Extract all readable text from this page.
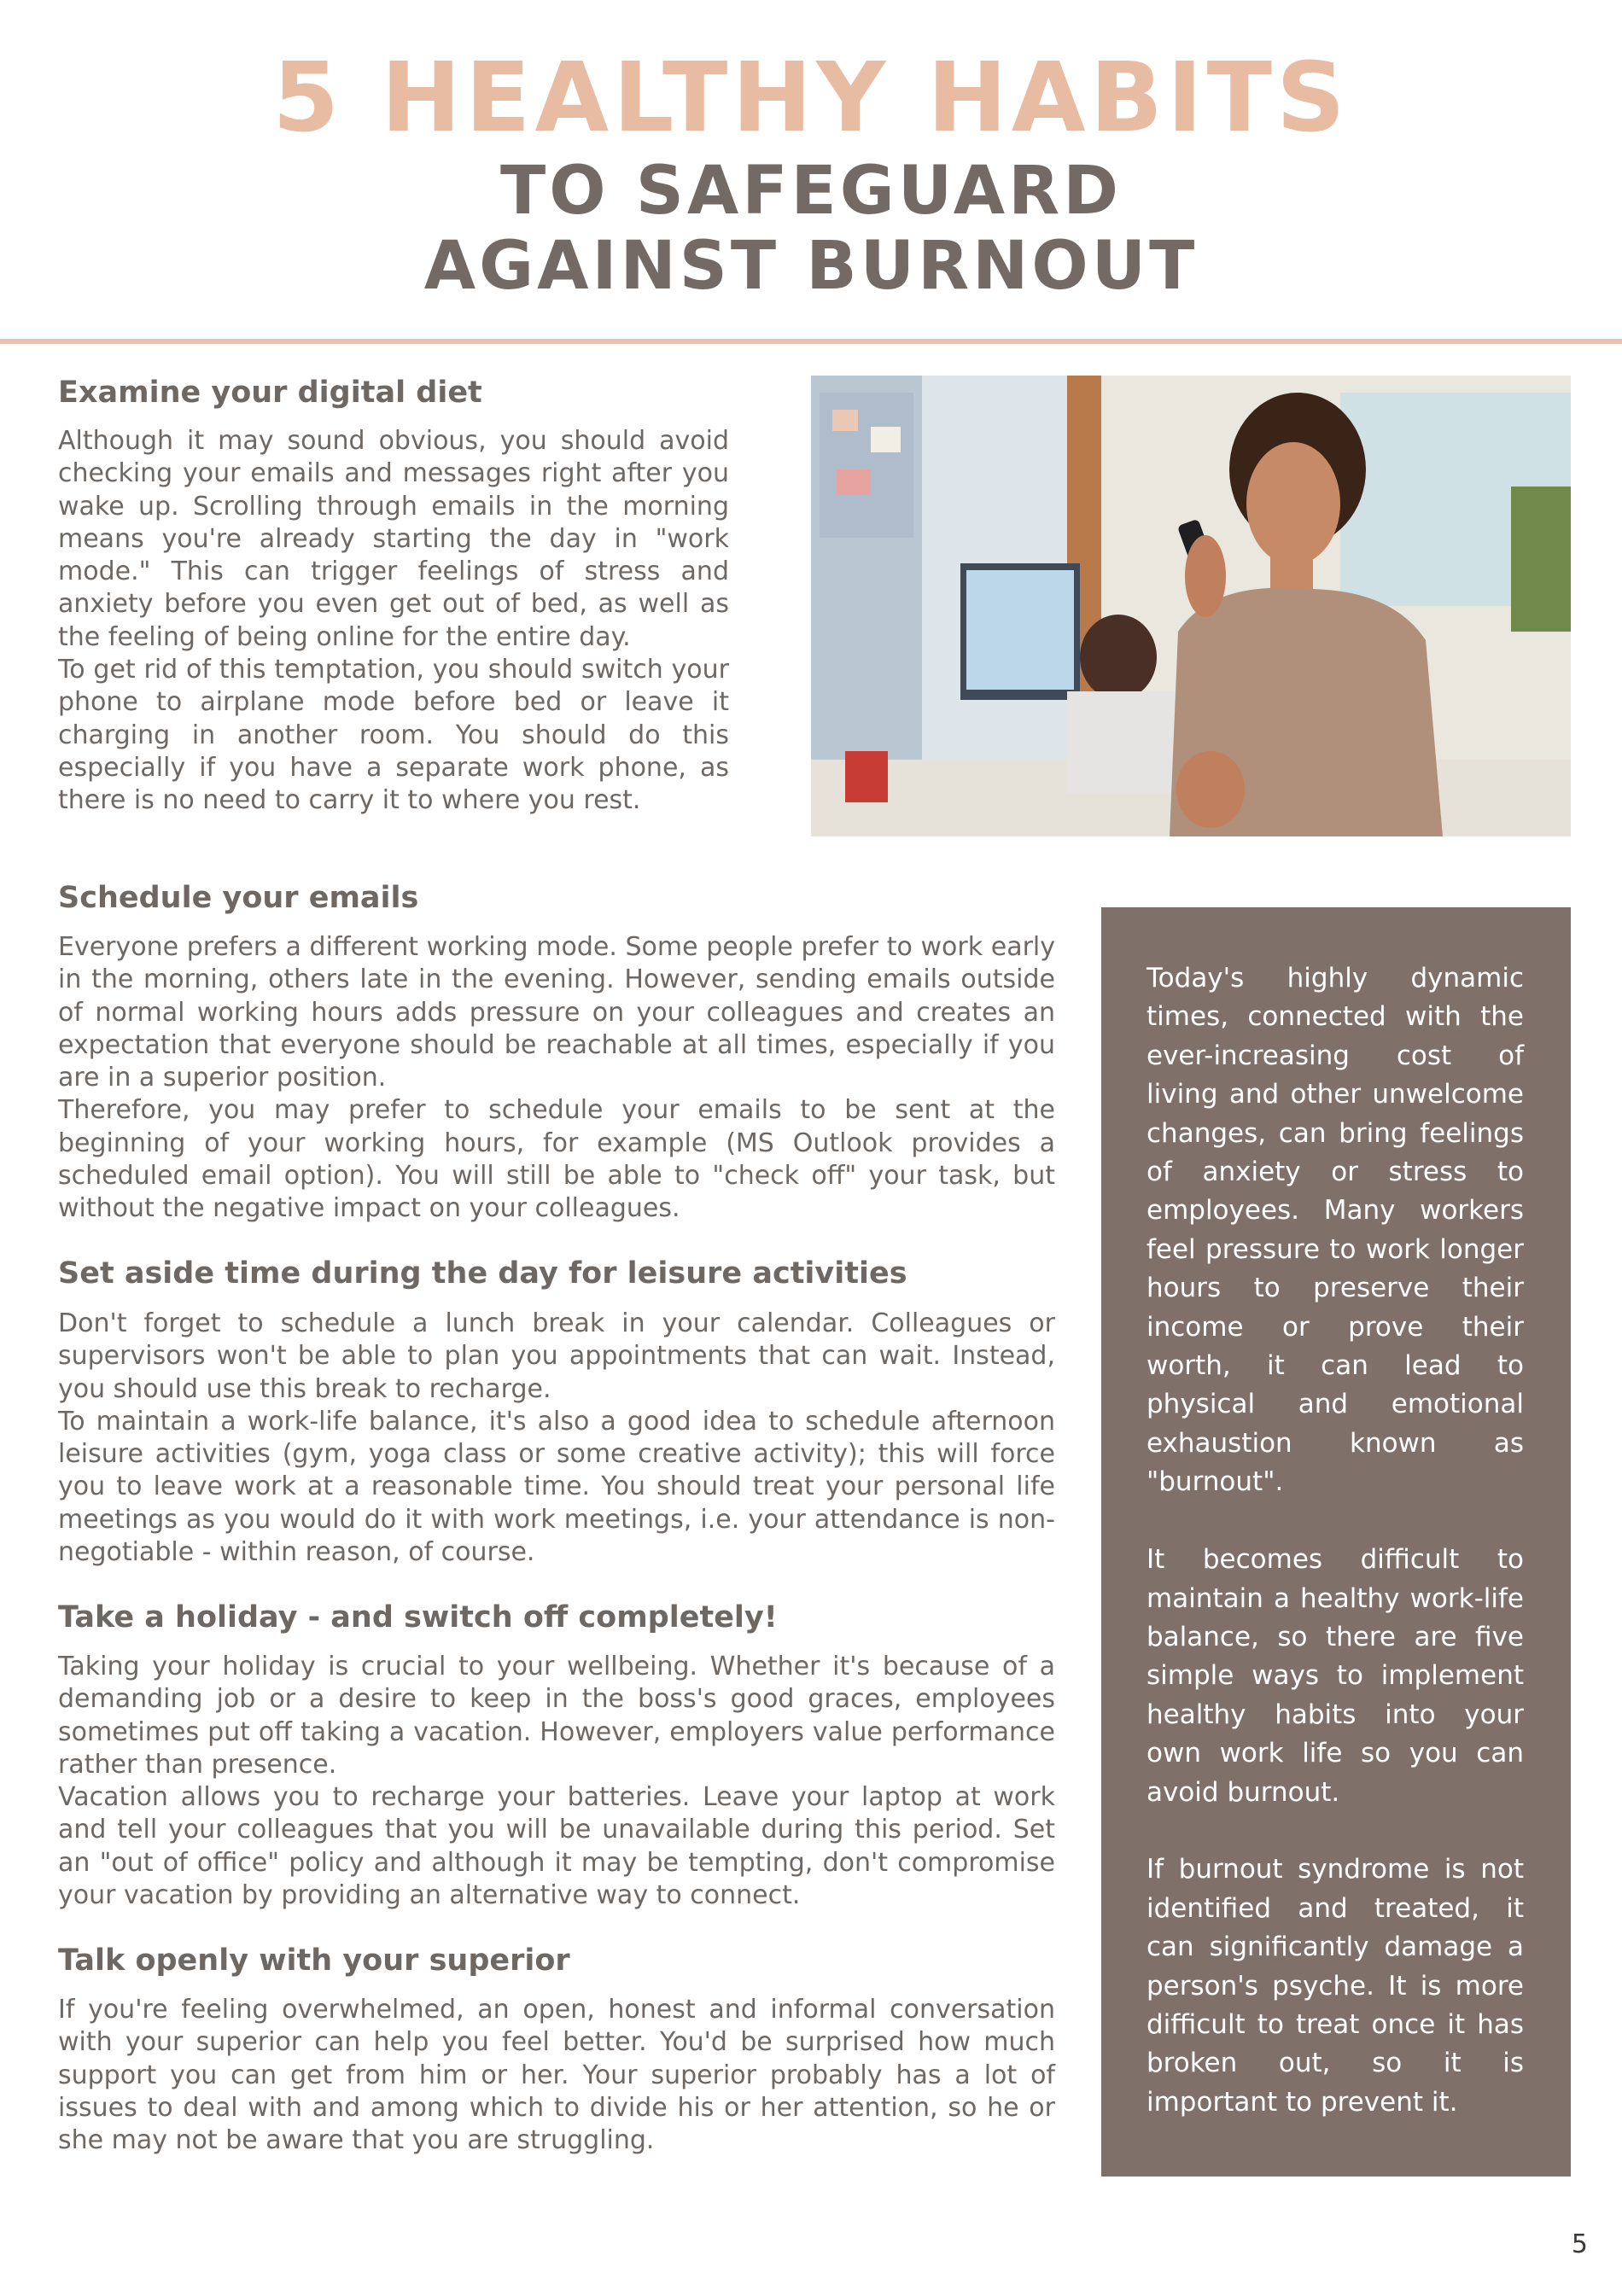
5 HEALTHY HABITS
TO SAFEGUARD
AGAINST BURNOUT
Examine your digital diet

Although it may sound obvious, you should avoid checking your emails and messages right after you wake up. Scrolling through emails in the morning means you're already starting the day in "work mode." This can trigger feelings of stress and anxiety before you even get out of bed, as well as the feeling of being online for the entire day.
To get rid of this temptation, you should switch your phone to airplane mode before bed or leave it charging in another room. You should do this especially if you have a separate work phone, as there is no need to carry it to where you rest.

Schedule your emails

Everyone prefers a different working mode. Some people prefer to work early in the morning, others late in the evening. However, sending emails outside of normal working hours adds pressure on your colleagues and creates an expectation that everyone should be reachable at all times, especially if you are in a superior position.
Therefore, you may prefer to schedule your emails to be sent at the beginning of your working hours, for example (MS Outlook provides a scheduled email option). You will still be able to "check off" your task, but without the negative impact on your colleagues.

Set aside time during the day for leisure activities

Don't forget to schedule a lunch break in your calendar. Colleagues or supervisors won't be able to plan you appointments that can wait. Instead, you should use this break to recharge.
To maintain a work-life balance, it's also a good idea to schedule afternoon leisure activities (gym, yoga class or some creative activity); this will force you to leave work at a reasonable time. You should treat your personal life meetings as you would do it with work meetings, i.e. your attendance is non-negotiable - within reason, of course.

Take a holiday - and switch off completely!

Taking your holiday is crucial to your wellbeing. Whether it's because of a demanding job or a desire to keep in the boss's good graces, employees sometimes put off taking a vacation. However, employers value performance rather than presence.
Vacation allows you to recharge your batteries. Leave your laptop at work and tell your colleagues that you will be unavailable during this period. Set an "out of office" policy and although it may be tempting, don't compromise your vacation by providing an alternative way to connect.

Talk openly with your superior

If you're feeling overwhelmed, an open, honest and informal conversation with your superior can help you feel better. You'd be surprised how much support you can get from him or her. Your superior probably has a lot of issues to deal with and among which to divide his or her attention, so he or she may not be aware that you are struggling.

Today's highly dynamic times, connected with the ever-increasing cost of living and other unwelcome changes, can bring feelings of anxiety or stress to employees. Many workers feel pressure to work longer hours to preserve their income or prove their worth, it can lead to physical and emotional exhaustion known as "burnout".

It becomes difficult to maintain a healthy work-life balance, so there are five simple ways to implement healthy habits into your own work life so you can avoid burnout.

If burnout syndrome is not identified and treated, it can significantly damage a person's psyche. It is more difficult to treat once it has broken out, so it is important to prevent it.

5
